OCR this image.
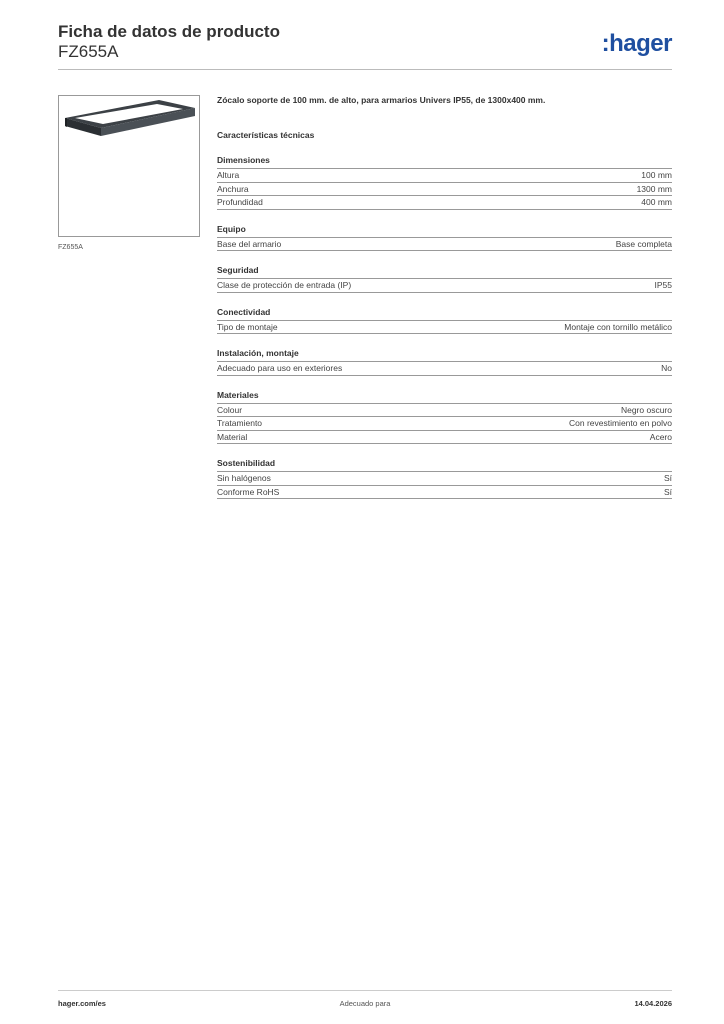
Ficha de datos de producto
FZ655A	:hager
FZ655A

Zócalo soporte de 100 mm. de alto, para armarios Univers IP55, de 1300x400 mm.

Características técnicas
Dimensiones
Altura	100 mm
Anchura	1300 mm
Profundidad	400 mm
Equipo
Base del armario	Base completa
Seguridad
Clase de protección de entrada (IP)	IP55
Conectividad
Tipo de montaje	Montaje con tornillo metálico
Instalación, montaje
Adecuado para uso en exteriores	No
Materiales
Colour	Negro oscuro
Tratamiento	Con revestimiento en polvo
Material	Acero
Sostenibilidad
Sin halógenos	Sí
Conforme RoHS	Sí
hager.com/es	Adecuado para	14.04.2026
